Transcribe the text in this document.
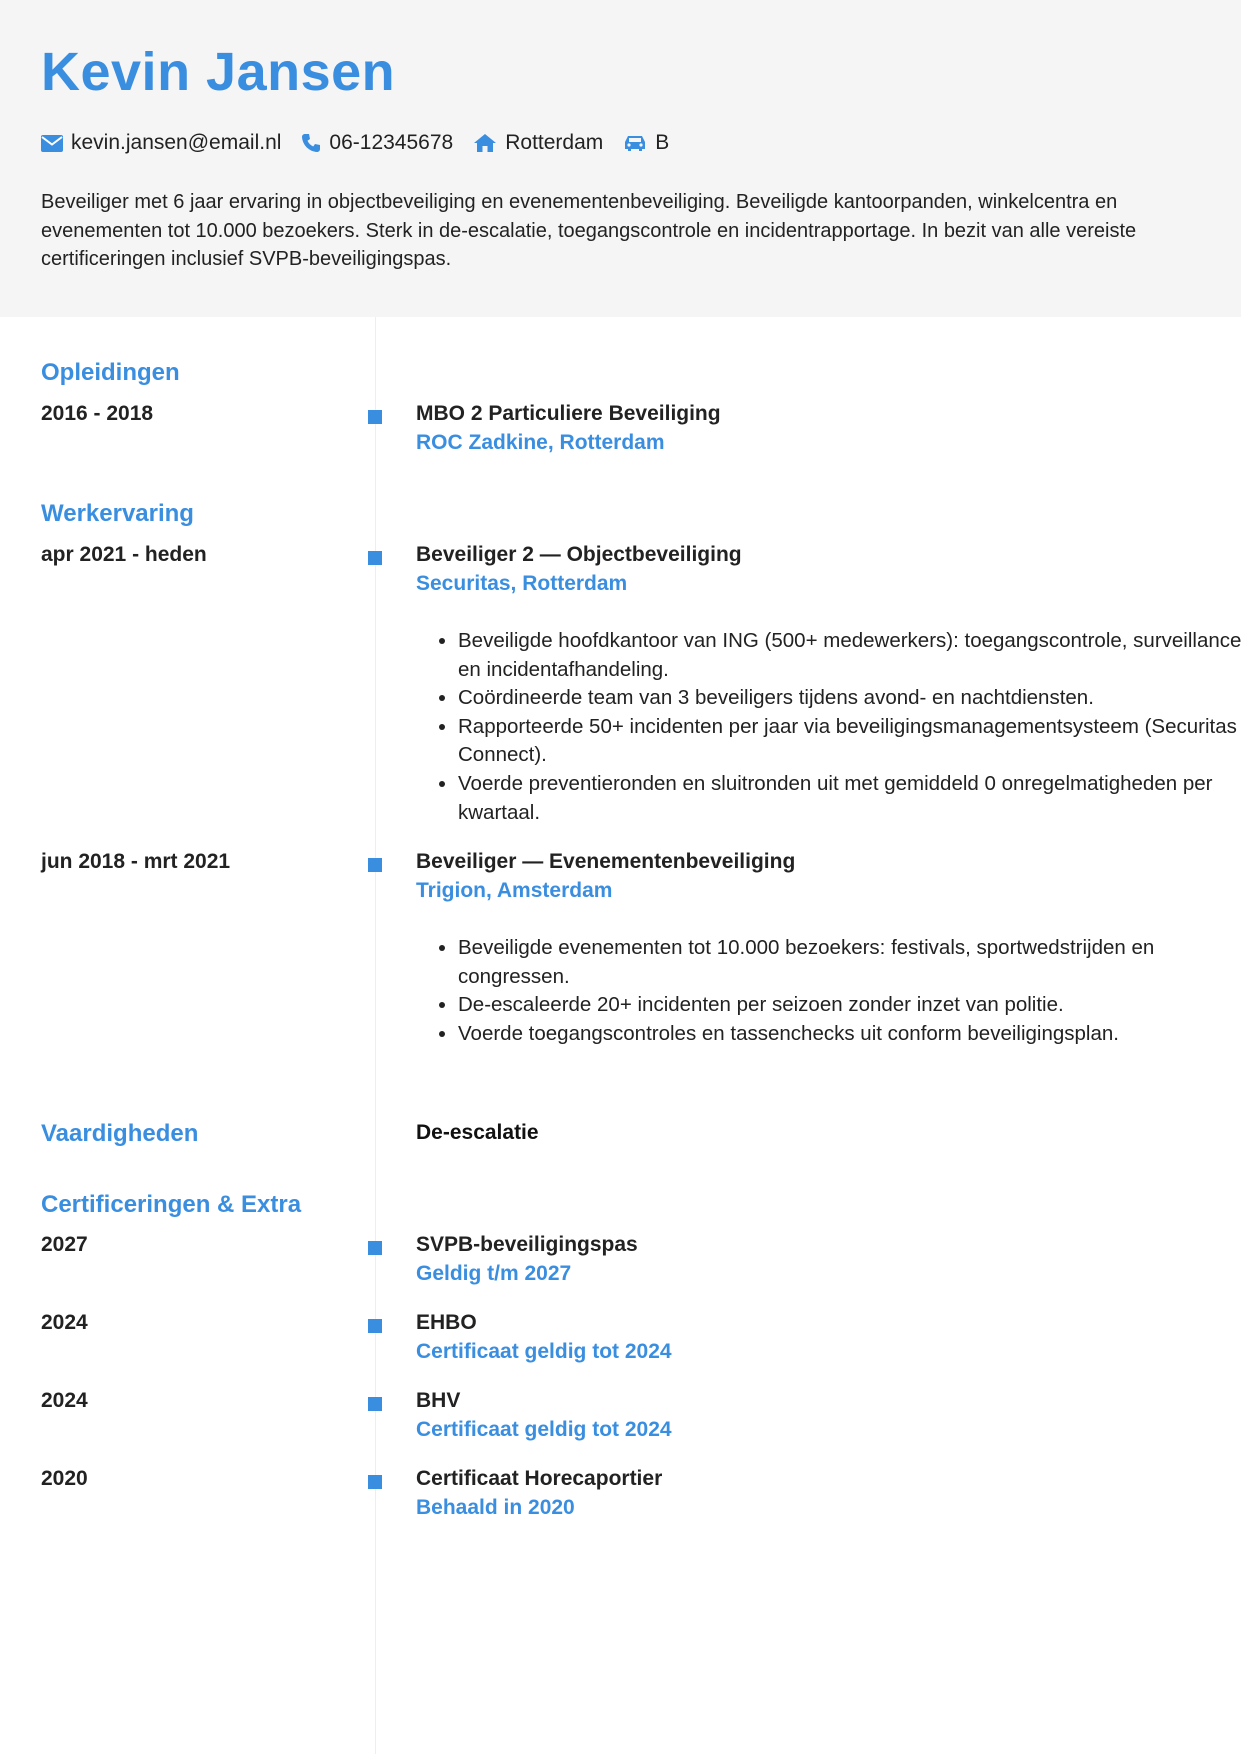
Kevin Jansen
kevin.jansen@email.nl 06-12345678 Rotterdam B

Beveiliger met 6 jaar ervaring in objectbeveiliging en evenementenbeveiliging. Beveiligde kantoorpanden, winkelcentra en evenementen tot 10.000 bezoekers. Sterk in de-escalatie, toegangscontrole en incidentrapportage. In bezit van alle vereiste certificeringen inclusief SVPB-beveiligingspas.

Opleidingen
2016 - 2018	MBO 2 Particuliere Beveiliging
ROC Zadkine, Rotterdam
Werkervaring
apr 2021 - heden	Beveiliger 2 — Objectbeveiliging
Securitas, Rotterdam
• Beveiligde hoofdkantoor van ING (500+ medewerkers): toegangscontrole, surveillance en incidentafhandeling.
• Coördineerde team van 3 beveiligers tijdens avond- en nachtdiensten.
• Rapporteerde 50+ incidenten per jaar via beveiligingsmanagementsysteem (Securitas Connect).
• Voerde preventieronden en sluitronden uit met gemiddeld 0 onregelmatigheden per kwartaal.
jun 2018 - mrt 2021	Beveiliger — Evenementenbeveiliging
Trigion, Amsterdam
• Beveiligde evenementen tot 10.000 bezoekers: festivals, sportwedstrijden en congressen.
• De-escaleerde 20+ incidenten per seizoen zonder inzet van politie.
• Voerde toegangscontroles en tassenchecks uit conform beveiligingsplan.
Vaardigheden	De-escalatie
Certificeringen & Extra
2027	SVPB-beveiligingspas
Geldig t/m 2027
2024	EHBO
Certificaat geldig tot 2024
2024	BHV
Certificaat geldig tot 2024
2020	Certificaat Horecaportier
Behaald in 2020
